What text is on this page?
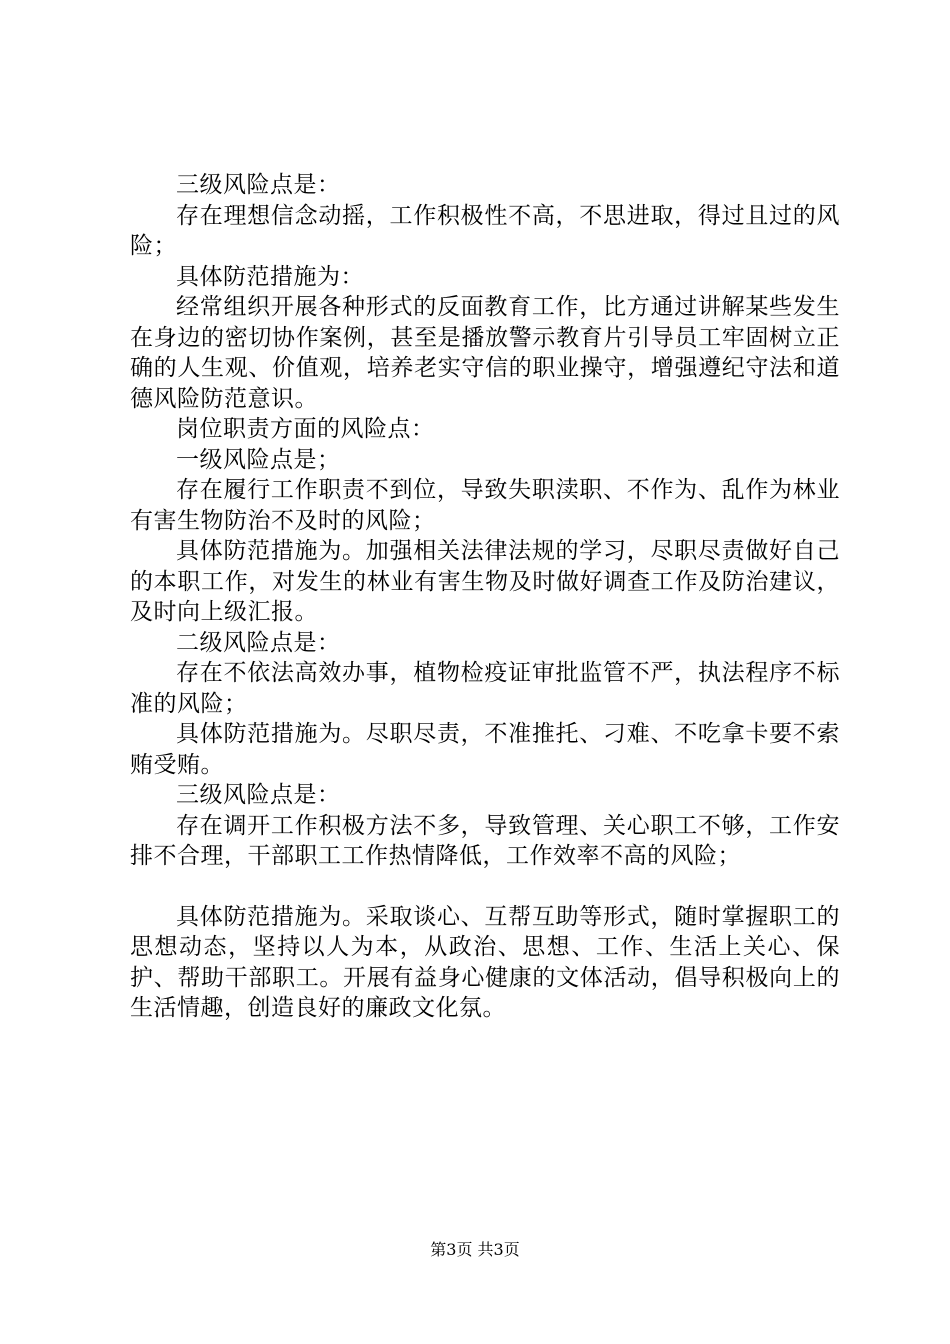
三级风险点是：

存在理想信念动摇，工作积极性不高，不思进取，得过且过的风险；

具体防范措施为：

经常组织开展各种形式的反面教育工作，比方通过讲解某些发生在身边的密切协作案例，甚至是播放警示教育片引导员工牢固树立正确的人生观、价值观，培养老实守信的职业操守，增强遵纪守法和道德风险防范意识。

岗位职责方面的风险点：

一级风险点是；

存在履行工作职责不到位，导致失职渎职、不作为、乱作为林业有害生物防治不及时的风险；

具体防范措施为。加强相关法律法规的学习，尽职尽责做好自己的本职工作，对发生的林业有害生物及时做好调查工作及防治建议，及时向上级汇报。

二级风险点是：

存在不依法高效办事，植物检疫证审批监管不严，执法程序不标准的风险；

具体防范措施为。尽职尽责，不准推托、刁难、不吃拿卡要不索贿受贿。

三级风险点是：

存在调开工作积极方法不多，导致管理、关心职工不够，工作安排不合理，干部职工工作热情降低，工作效率不高的风险；

具体防范措施为。采取谈心、互帮互助等形式，随时掌握职工的思想动态，坚持以人为本，从政治、思想、工作、生活上关心、保护、帮助干部职工。开展有益身心健康的文体活动，倡导积极向上的生活情趣，创造良好的廉政文化氛。

第3页 共3页
